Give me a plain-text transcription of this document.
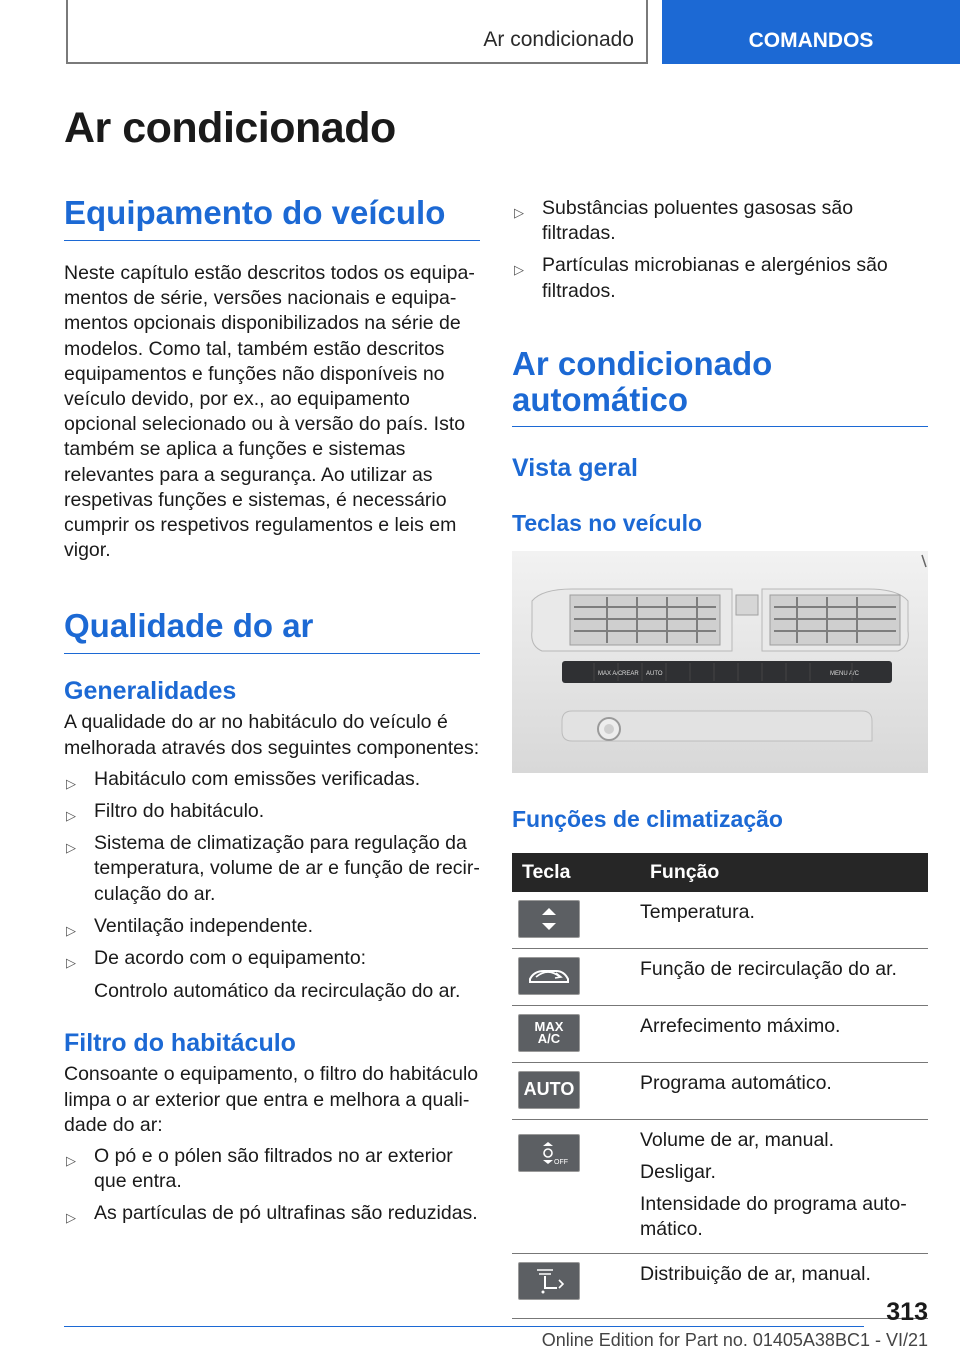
Ar condicionado	COMANDOS
Ar condicionado
Equipamento do veículo

Neste capítulo estão descritos todos os equipamentos de série, versões nacionais e equipamentos opcionais disponibilizados na série de modelos. Como tal, também estão descritos equipamentos e funções não disponíveis no veículo devido, por ex., ao equipamento opcional selecionado ou à versão do país. Isto também se aplica a funções e sistemas relevantes para a segurança. Ao utilizar as respetivas funções e sistemas, é necessário cumprir os respetivos regulamentos e leis em vigor.

Qualidade do ar
Generalidades

A qualidade do ar no habitáculo do veículo é melhorada através dos seguintes componentes:

▷ Habitáculo com emissões verificadas.
▷ Filtro do habitáculo.
▷ Sistema de climatização para regulação da temperatura, volume de ar e função de recirculação do ar.
▷ Ventilação independente.
▷ De acordo com o equipamento:
Controlo automático da recirculação do ar.
Filtro do habitáculo

Consoante o equipamento, o filtro do habitáculo limpa o ar exterior que entra e melhora a qualidade do ar:

▷ O pó e o pólen são filtrados no ar exterior que entra.
▷ As partículas de pó ultrafinas são reduzidas.
▷ Substâncias poluentes gasosas são filtradas.
▷ Partículas microbianas e alergénios são filtrados.
Ar condicionado automático
Vista geral
Teclas no veículo
MAX A/C REAR AUTO	MENU A/C
Funções de climatização
Tecla	Função

Temperatura.

Função de recirculação do ar.

MAX
A/C	Arrefecimento máximo.

AUTO	Programa automático.

OFF	Volume de ar, manual.
Desligar.
Intensidade do programa automático.

Distribuição de ar, manual.
313
Online Edition for Part no. 01405A38BC1 - VI/21
